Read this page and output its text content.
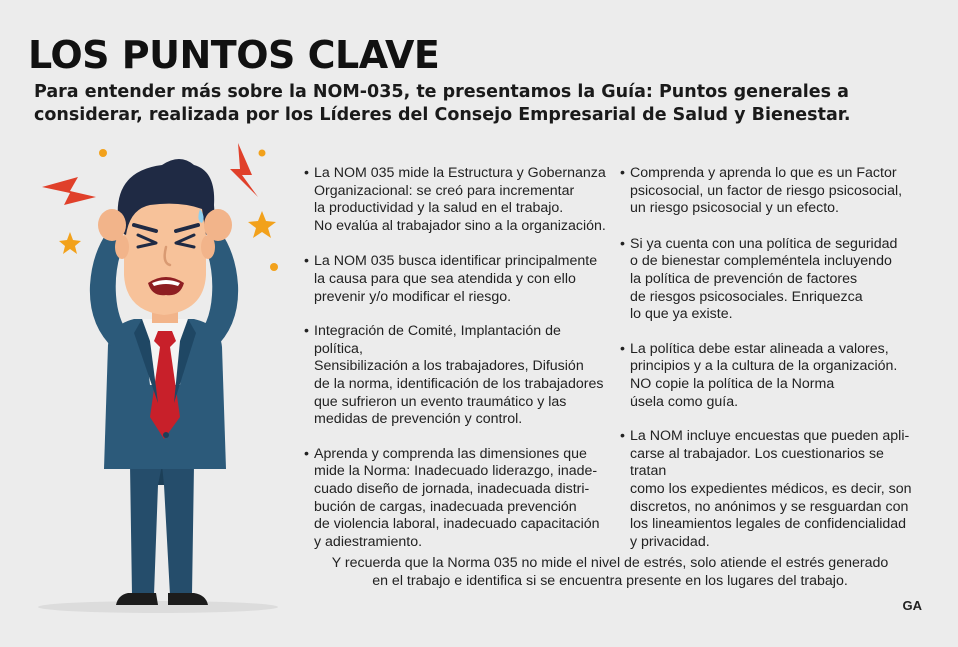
LOS PUNTOS CLAVE

Para entender más sobre la NOM-035, te presentamos la Guía: Puntos generales a considerar, realizada por los Líderes del Consejo Empresarial de Salud y Bienestar.

• La NOM 035 mide la Estructura y Gobernanza
Organizacional: se creó para incrementar
la productividad y la salud en el trabajo.
No evalúa al trabajador sino a la organización.

• La NOM 035 busca identificar principalmente
la causa para que sea atendida y con ello
prevenir y/o modificar el riesgo.

• Integración de Comité, Implantación de política,
Sensibilización a los trabajadores, Difusión
de la norma, identificación de los trabajadores
que sufrieron un evento traumático y las
medidas de prevención y control.

• Aprenda y comprenda las dimensiones que
mide la Norma: Inadecuado liderazgo, inade-
cuado diseño de jornada, inadecuada distri-
bución de cargas, inadecuada prevención
de violencia laboral, inadecuado capacitación
y adiestramiento.

• Comprenda y aprenda lo que es un Factor
psicosocial, un factor de riesgo psicosocial,
un riesgo psicosocial y un efecto.

• Si ya cuenta con una política de seguridad
o de bienestar compleméntela incluyendo
la política de prevención de factores
de riesgos psicosociales. Enriquezca
lo que ya existe.

• La política debe estar alineada a valores,
principios y a la cultura de la organización.
NO copie la política de la Norma
úsela como guía.

• La NOM incluye encuestas que pueden apli-
carse al trabajador. Los cuestionarios se tratan
como los expedientes médicos, es decir, son
discretos, no anónimos y se resguardan con
los lineamientos legales de confidencialidad
y privacidad.

Y recuerda que la Norma 035 no mide el nivel de estrés, solo atiende el estrés generado
en el trabajo e identifica si se encuentra presente en los lugares del trabajo.

GA
